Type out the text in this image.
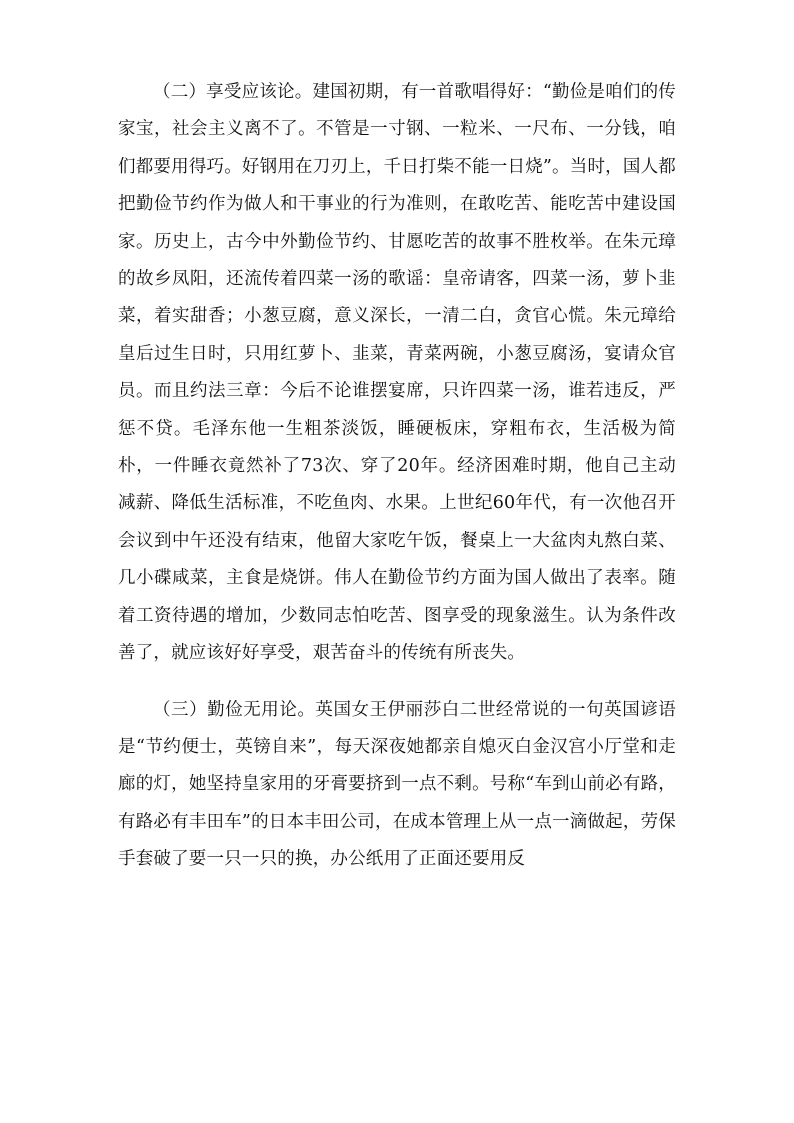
（二）享受应该论。建国初期，有一首歌唱得好：“勤俭是咱们的传家宝，社会主义离不了。不管是一寸钢、一粒米、一尺布、一分钱，咱们都要用得巧。好钢用在刀刃上，千日打柴不能一日烧”。当时，国人都把勤俭节约作为做人和干事业的行为准则，在敢吃苦、能吃苦中建设国家。历史上，古今中外勤俭节约、甘愿吃苦的故事不胜枚举。在朱元璋的故乡凤阳，还流传着四菜一汤的歌谣：皇帝请客，四菜一汤，萝卜韭菜，着实甜香；小葱豆腐，意义深长，一清二白，贪官心慌。朱元璋给皇后过生日时，只用红萝卜、韭菜，青菜两碗，小葱豆腐汤，宴请众官员。而且约法三章：今后不论谁摆宴席，只许四菜一汤，谁若违反，严惩不贷。毛泽东他一生粗茶淡饭，睡硬板床，穿粗布衣，生活极为简朴，一件睡衣竟然补了73次、穿了20年。经济困难时期，他自己主动减薪、降低生活标准，不吃鱼肉、水果。上世纪60年代，有一次他召开会议到中午还没有结束，他留大家吃午饭，餐桌上一大盆肉丸熬白菜、几小碟咸菜，主食是烧饼。伟人在勤俭节约方面为国人做出了表率。随着工资待遇的增加，少数同志怕吃苦、图享受的现象滋生。认为条件改善了，就应该好好享受，艰苦奋斗的传统有所丧失。

（三）勤俭无用论。英国女王伊丽莎白二世经常说的一句英国谚语是“节约便士，英镑自来”，每天深夜她都亲自熄灭白金汉宫小厅堂和走廊的灯，她坚持皇家用的牙膏要挤到一点不剩。号称“车到山前必有路，有路必有丰田车”的日本丰田公司，在成本管理上从一点一滴做起，劳保手套破了要一只一只的换，办公纸用了正面还要用反
